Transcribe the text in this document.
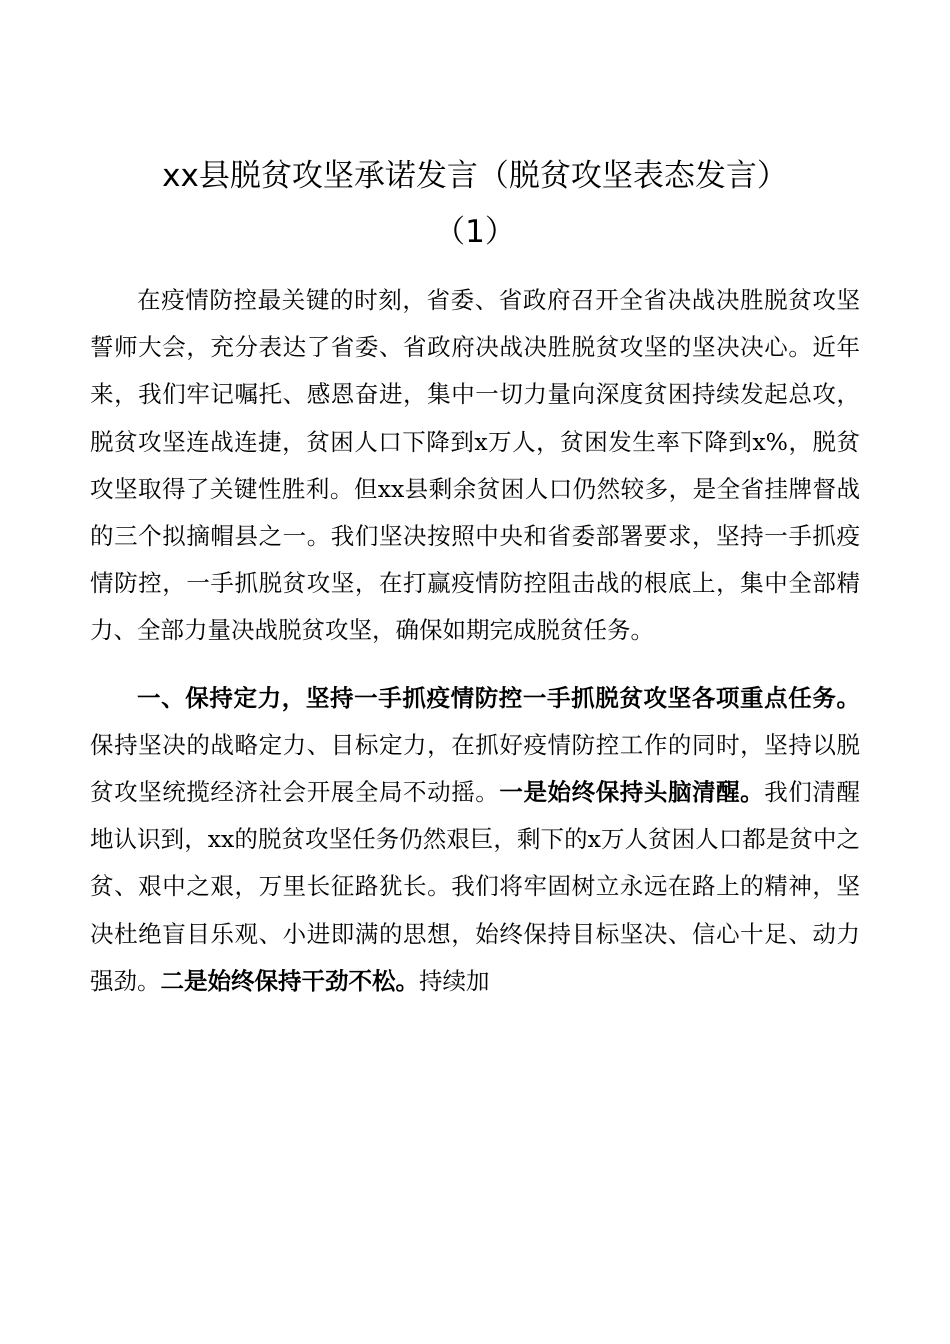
xx县脱贫攻坚承诺发言（脱贫攻坚表态发言）
（1）

在疫情防控最关键的时刻，省委、省政府召开全省决战决胜脱贫攻坚誓师大会，充分表达了省委、省政府决战决胜脱贫攻坚的坚决决心。近年来，我们牢记嘱托、感恩奋进，集中一切力量向深度贫困持续发起总攻，脱贫攻坚连战连捷，贫困人口下降到x万人，贫困发生率下降到x%，脱贫攻坚取得了关键性胜利。但xx县剩余贫困人口仍然较多，是全省挂牌督战的三个拟摘帽县之一。我们坚决按照中央和省委部署要求，坚持一手抓疫情防控，一手抓脱贫攻坚，在打赢疫情防控阻击战的根底上，集中全部精力、全部力量决战脱贫攻坚，确保如期完成脱贫任务。

一、保持定力，坚持一手抓疫情防控一手抓脱贫攻坚各项重点任务。保持坚决的战略定力、目标定力，在抓好疫情防控工作的同时，坚持以脱贫攻坚统揽经济社会开展全局不动摇。一是始终保持头脑清醒。我们清醒地认识到，xx的脱贫攻坚任务仍然艰巨，剩下的x万人贫困人口都是贫中之贫、艰中之艰，万里长征路犹长。我们将牢固树立永远在路上的精神，坚决杜绝盲目乐观、小进即满的思想，始终保持目标坚决、信心十足、动力强劲。二是始终保持干劲不松。持续加
